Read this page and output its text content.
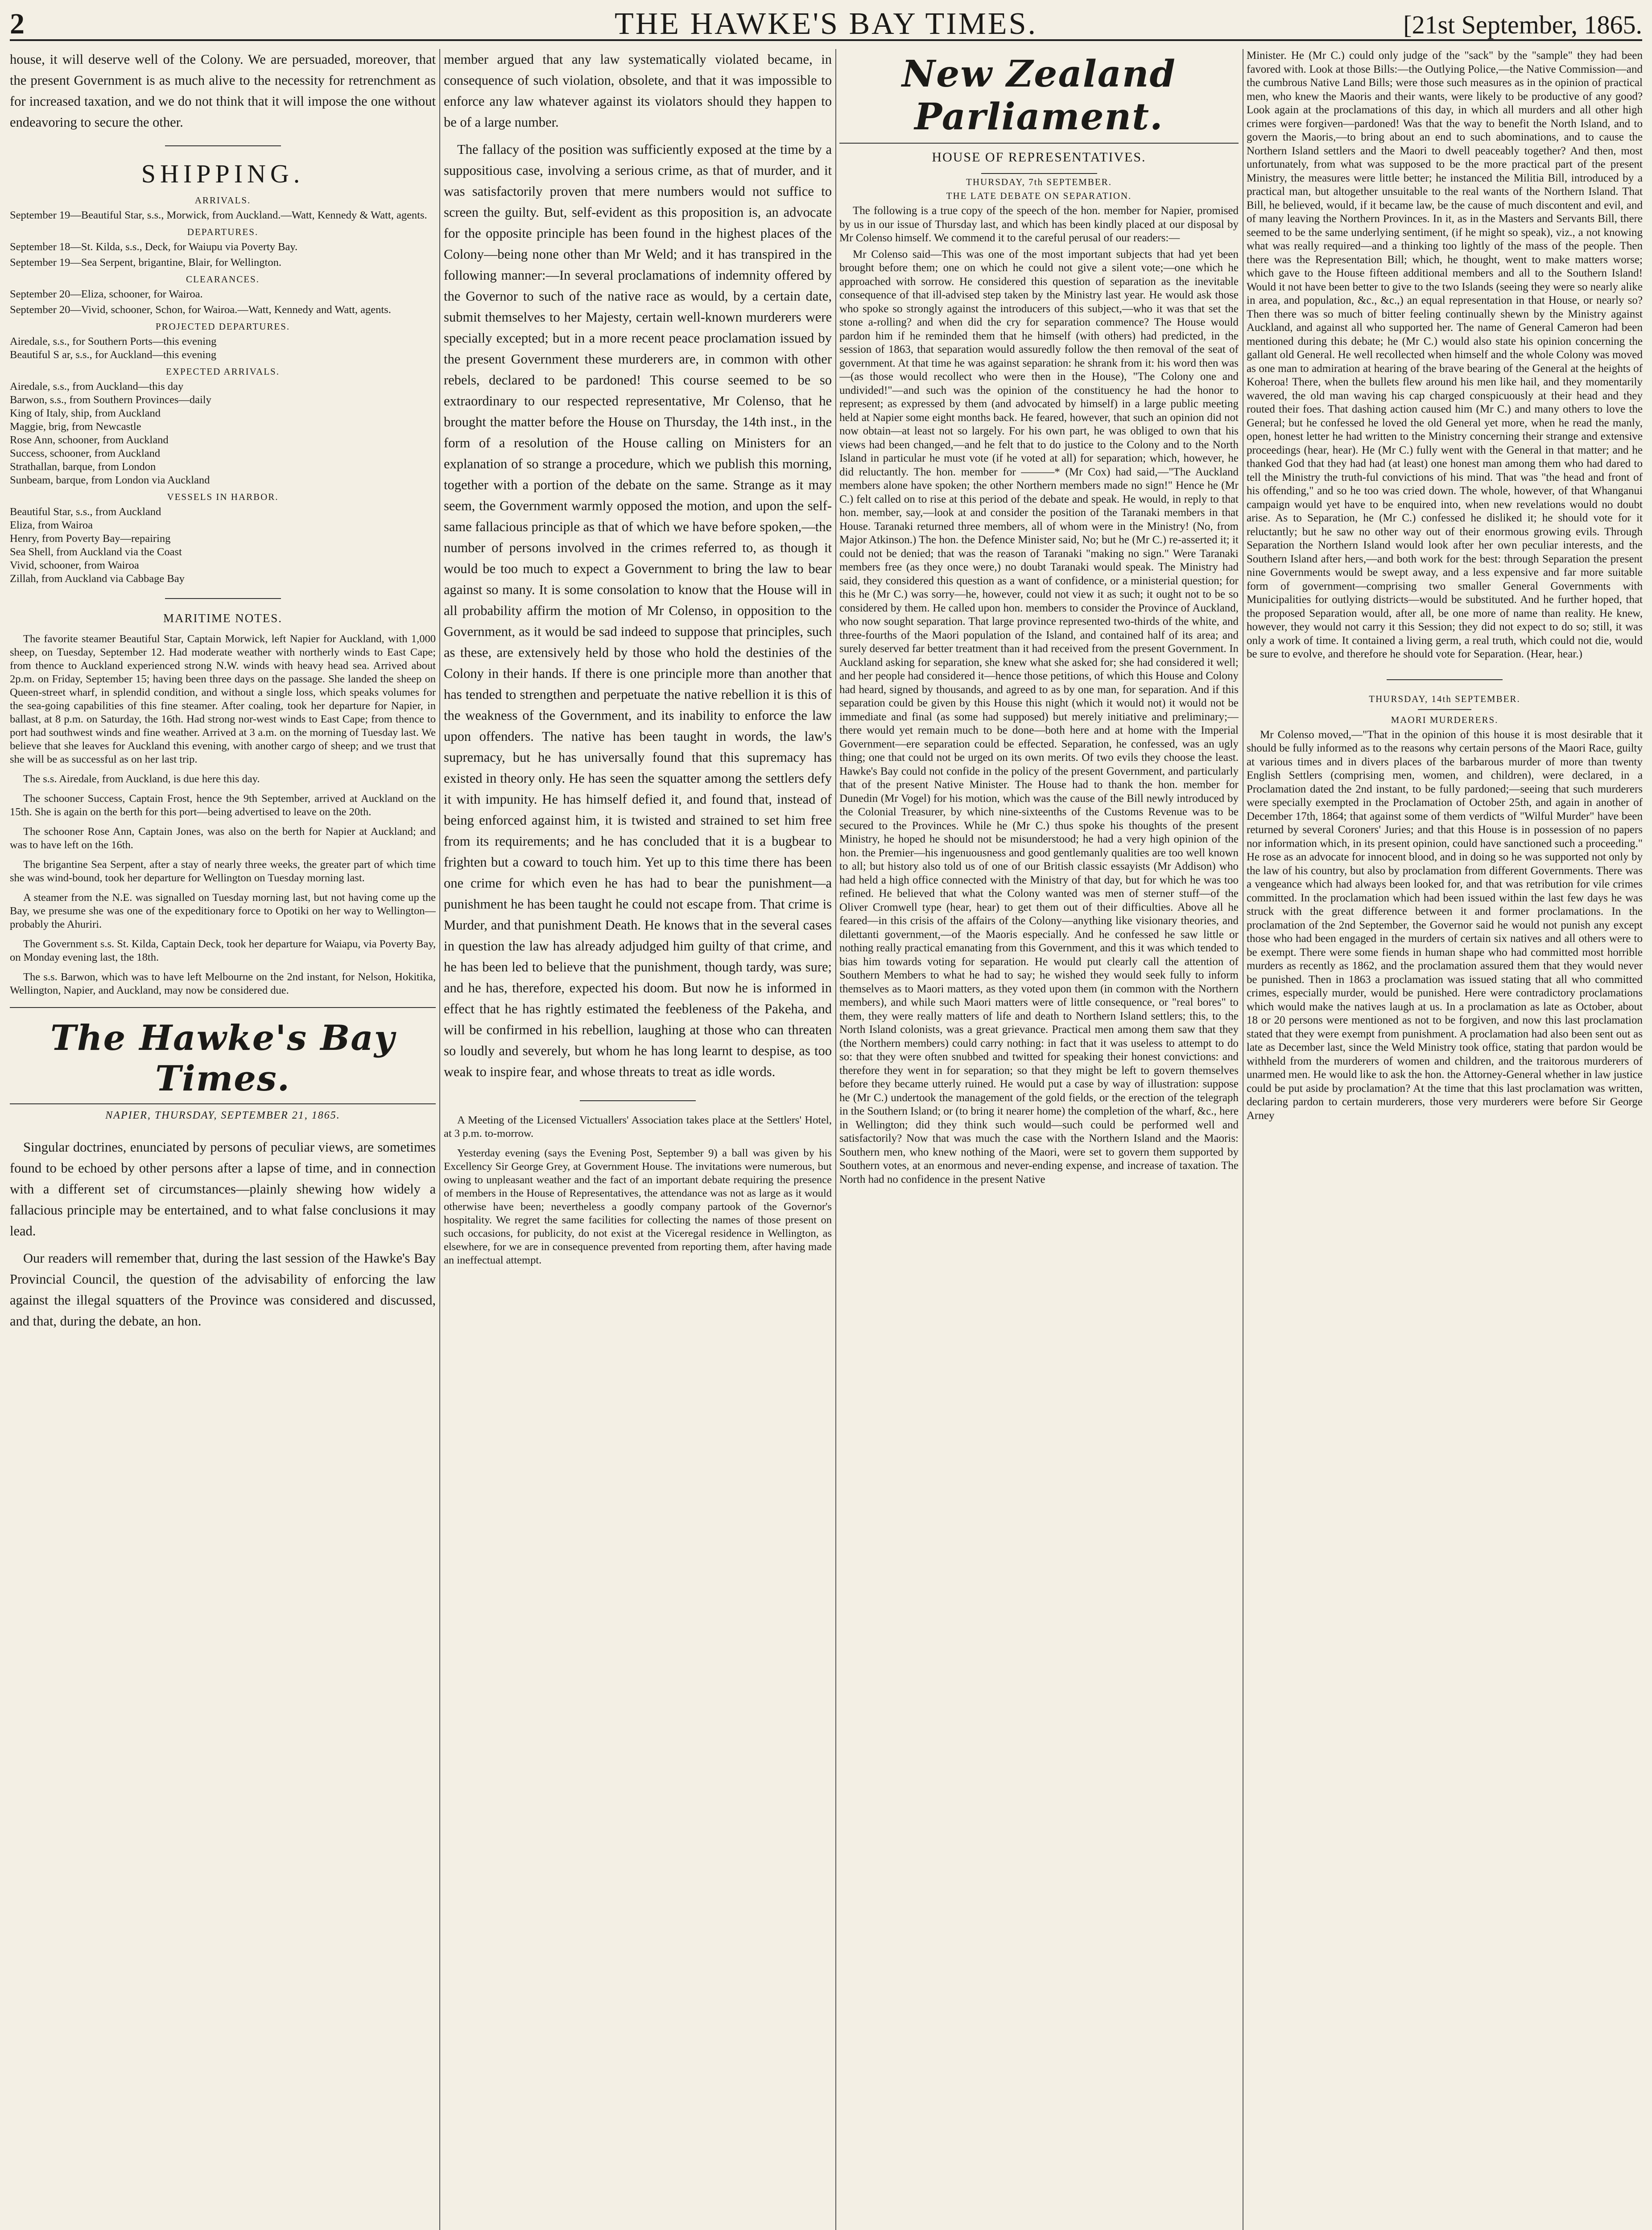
2	THE HAWKE'S BAY TIMES.	[21st September, 1865.

house, it will deserve well of the Colony. We are persuaded, moreover, that the present Government is as much alive to the necessity for retrenchment as for increased taxation, and we do not think that it will impose the one without endeavoring to secure the other.

SHIPPING.
ARRIVALS.
September 19—Beautiful Star, s.s., Morwick, from Auckland.—Watt, Kennedy & Watt, agents.
DEPARTURES.
September 18—St. Kilda, s.s., Deck, for Waiupu via Poverty Bay.
September 19—Sea Serpent, brigantine, Blair, for Wellington.
CLEARANCES.
September 20—Eliza, schooner, for Wairoa.
September 20—Vivid, schooner, Schon, for Wairoa.—Watt, Kennedy and Watt, agents.
PROJECTED DEPARTURES.
Airedale, s.s., for Southern Ports—this evening
Beautiful S ar, s.s., for Auckland—this evening
EXPECTED ARRIVALS.
Airedale, s.s., from Auckland—this day
Barwon, s.s., from Southern Provinces—daily
King of Italy, ship, from Auckland
Maggie, brig, from Newcastle
Rose Ann, schooner, from Auckland
Success, schooner, from Auckland
Strathallan, barque, from London
Sunbeam, barque, from London via Auckland
VESSELS IN HARBOR.
Beautiful Star, s.s., from Auckland
Eliza, from Wairoa
Henry, from Poverty Bay—repairing
Sea Shell, from Auckland via the Coast
Vivid, schooner, from Wairoa
Zillah, from Auckland via Cabbage Bay
MARITIME NOTES.

The favorite steamer Beautiful Star, Captain Morwick, left Napier for Auckland, with 1,000 sheep, on Tuesday, September 12. Had moderate weather with northerly winds to East Cape; from thence to Auckland experienced strong N.W. winds with heavy head sea. Arrived about 2p.m. on Friday, September 15; having been three days on the passage. She landed the sheep on Queen-street wharf, in splendid condition, and without a single loss, which speaks volumes for the sea-going capabilities of this fine steamer. After coaling, took her departure for Napier, in ballast, at 8 p.m. on Saturday, the 16th. Had strong nor-west winds to East Cape; from thence to port had southwest winds and fine weather. Arrived at 3 a.m. on the morning of Tuesday last. We believe that she leaves for Auckland this evening, with another cargo of sheep; and we trust that she will be as successful as on her last trip.

The s.s. Airedale, from Auckland, is due here this day.

The schooner Success, Captain Frost, hence the 9th September, arrived at Auckland on the 15th. She is again on the berth for this port—being advertised to leave on the 20th.

The schooner Rose Ann, Captain Jones, was also on the berth for Napier at Auckland; and was to have left on the 16th.

The brigantine Sea Serpent, after a stay of nearly three weeks, the greater part of which time she was wind-bound, took her departure for Wellington on Tuesday morning last.

A steamer from the N.E. was signalled on Tuesday morning last, but not having come up the Bay, we presume she was one of the expeditionary force to Opotiki on her way to Wellington—probably the Ahuriri.

The Government s.s. St. Kilda, Captain Deck, took her departure for Waiapu, via Poverty Bay, on Monday evening last, the 18th.

The s.s. Barwon, which was to have left Melbourne on the 2nd instant, for Nelson, Hokitika, Wellington, Napier, and Auckland, may now be considered due.

The Hawke's Bay Times.
NAPIER, THURSDAY, SEPTEMBER 21, 1865.

Singular doctrines, enunciated by persons of peculiar views, are sometimes found to be echoed by other persons after a lapse of time, and in connection with a different set of circumstances—plainly shewing how widely a fallacious principle may be entertained, and to what false conclusions it may lead.

Our readers will remember that, during the last session of the Hawke's Bay Provincial Council, the question of the advisability of enforcing the law against the illegal squatters of the Province was considered and discussed, and that, during the debate, an hon.

member argued that any law systematically violated became, in consequence of such violation, obsolete, and that it was impossible to enforce any law whatever against its violators should they happen to be of a large number.

The fallacy of the position was sufficiently exposed at the time by a suppositious case, involving a serious crime, as that of murder, and it was satisfactorily proven that mere numbers would not suffice to screen the guilty. But, self-evident as this proposition is, an advocate for the opposite principle has been found in the highest places of the Colony—being none other than Mr Weld; and it has transpired in the following manner:—In several proclamations of indemnity offered by the Governor to such of the native race as would, by a certain date, submit themselves to her Majesty, certain well-known murderers were specially excepted; but in a more recent peace proclamation issued by the present Government these murderers are, in common with other rebels, declared to be pardoned! This course seemed to be so extraordinary to our respected representative, Mr Colenso, that he brought the matter before the House on Thursday, the 14th inst., in the form of a resolution of the House calling on Ministers for an explanation of so strange a procedure, which we publish this morning, together with a portion of the debate on the same. Strange as it may seem, the Government warmly opposed the motion, and upon the self-same fallacious principle as that of which we have before spoken,—the number of persons involved in the crimes referred to, as though it would be too much to expect a Government to bring the law to bear against so many. It is some consolation to know that the House will in all probability affirm the motion of Mr Colenso, in opposition to the Government, as it would be sad indeed to suppose that principles, such as these, are extensively held by those who hold the destinies of the Colony in their hands. If there is one principle more than another that has tended to strengthen and perpetuate the native rebellion it is this of the weakness of the Government, and its inability to enforce the law upon offenders. The native has been taught in words, the law's supremacy, but he has universally found that this supremacy has existed in theory only. He has seen the squatter among the settlers defy it with impunity. He has himself defied it, and found that, instead of being enforced against him, it is twisted and strained to set him free from its requirements; and he has concluded that it is a bugbear to frighten but a coward to touch him. Yet up to this time there has been one crime for which even he has had to bear the punishment—a punishment he has been taught he could not escape from. That crime is Murder, and that punishment Death. He knows that in the several cases in question the law has already adjudged him guilty of that crime, and he has been led to believe that the punishment, though tardy, was sure; and he has, therefore, expected his doom. But now he is informed in effect that he has rightly estimated the feebleness of the Pakeha, and will be confirmed in his rebellion, laughing at those who can threaten so loudly and severely, but whom he has long learnt to despise, as too weak to inspire fear, and whose threats to treat as idle words.

A Meeting of the Licensed Victuallers' Association takes place at the Settlers' Hotel, at 3 p.m. to-morrow.

Yesterday evening (says the Evening Post, September 9) a ball was given by his Excellency Sir George Grey, at Government House. The invitations were numerous, but owing to unpleasant weather and the fact of an important debate requiring the presence of members in the House of Representatives, the attendance was not as large as it would otherwise have been; nevertheless a goodly company partook of the Governor's hospitality. We regret the same facilities for collecting the names of those present on such occasions, for publicity, do not exist at the Viceregal residence in Wellington, as elsewhere, for we are in consequence prevented from reporting them, after having made an ineffectual attempt.

New Zealand Parliament.
HOUSE OF REPRESENTATIVES.
THURSDAY, 7th SEPTEMBER.
THE LATE DEBATE ON SEPARATION.

The following is a true copy of the speech of the hon. member for Napier, promised by us in our issue of Thursday last, and which has been kindly placed at our disposal by Mr Colenso himself. We commend it to the careful perusal of our readers:—

Mr Colenso said—This was one of the most important subjects that had yet been brought before them; one on which he could not give a silent vote;—one which he approached with sorrow. He considered this question of separation as the inevitable consequence of that ill-advised step taken by the Ministry last year. He would ask those who spoke so strongly against the introducers of this subject,—who it was that set the stone a-rolling? and when did the cry for separation commence? The House would pardon him if he reminded them that he himself (with others) had predicted, in the session of 1863, that separation would assuredly follow the then removal of the seat of government. At that time he was against separation: he shrank from it: his word then was—(as those would recollect who were then in the House), "The Colony one and undivided!"—and such was the opinion of the constituency he had the honor to represent; as expressed by them (and advocated by himself) in a large public meeting held at Napier some eight months back. He feared, however, that such an opinion did not now obtain—at least not so largely. For his own part, he was obliged to own that his views had been changed,—and he felt that to do justice to the Colony and to the North Island in particular he must vote (if he voted at all) for separation; which, however, he did reluctantly. The hon. member for ———* (Mr Cox) had said,—"The Auckland members alone have spoken; the other Northern members made no sign!" Hence he (Mr C.) felt called on to rise at this period of the debate and speak. He would, in reply to that hon. member, say,—look at and consider the position of the Taranaki members in that House. Taranaki returned three members, all of whom were in the Ministry! (No, from Major Atkinson.) The hon. the Defence Minister said, No; but he (Mr C.) re-asserted it; it could not be denied; that was the reason of Taranaki "making no sign." Were Taranaki members free (as they once were,) no doubt Taranaki would speak. The Ministry had said, they considered this question as a want of confidence, or a ministerial question; for this he (Mr C.) was sorry—he, however, could not view it as such; it ought not to be so considered by them. He called upon hon. members to consider the Province of Auckland, who now sought separation. That large province represented two-thirds of the white, and three-fourths of the Maori population of the Island, and contained half of its area; and surely deserved far better treatment than it had received from the present Government. In Auckland asking for separation, she knew what she asked for; she had considered it well; and her people had considered it—hence those petitions, of which this House and Colony had heard, signed by thousands, and agreed to as by one man, for separation. And if this separation could be given by this House this night (which it would not) it would not be immediate and final (as some had supposed) but merely initiative and preliminary;—there would yet remain much to be done—both here and at home with the Imperial Government—ere separation could be effected. Separation, he confessed, was an ugly thing; one that could not be urged on its own merits. Of two evils they choose the least. Hawke's Bay could not confide in the policy of the present Government, and particularly that of the present Native Minister. The House had to thank the hon. member for Dunedin (Mr Vogel) for his motion, which was the cause of the Bill newly introduced by the Colonial Treasurer, by which nine-sixteenths of the Customs Revenue was to be secured to the Provinces. While he (Mr C.) thus spoke his thoughts of the present Ministry, he hoped he should not be misunderstood; he had a very high opinion of the hon. the Premier—his ingenuousness and good gentlemanly qualities are too well known to all; but history also told us of one of our British classic essayists (Mr Addison) who had held a high office connected with the Ministry of that day, but for which he was too refined. He believed that what the Colony wanted was men of sterner stuff—of the Oliver Cromwell type (hear, hear) to get them out of their difficulties. Above all he feared—in this crisis of the affairs of the Colony—anything like visionary theories, and dilettanti government,—of the Maoris especially. And he confessed he saw little or nothing really practical emanating from this Government, and this it was which tended to bias him towards voting for separation. He would put clearly call the attention of Southern Members to what he had to say; he wished they would seek fully to inform themselves as to Maori matters, as they voted upon them (in common with the Northern members), and while such Maori matters were of little consequence, or "real bores" to them, they were really matters of life and death to Northern Island settlers; this, to the North Island colonists, was a great grievance. Practical men among them saw that they (the Northern members) could carry nothing: in fact that it was useless to attempt to do so: that they were often snubbed and twitted for speaking their honest convictions: and therefore they went in for separation; so that they might be left to govern themselves before they became utterly ruined. He would put a case by way of illustration: suppose he (Mr C.) undertook the management of the gold fields, or the erection of the telegraph in the Southern Island; or (to bring it nearer home) the completion of the wharf, &c., here in Wellington; did they think such would—such could be performed well and satisfactorily? Now that was much the case with the Northern Island and the Maoris: Southern men, who knew nothing of the Maori, were set to govern them supported by Southern votes, at an enormous and never-ending expense, and increase of taxation. The North had no confidence in the present Native

Minister. He (Mr C.) could only judge of the "sack" by the "sample" they had been favored with. Look at those Bills:—the Outlying Police,—the Native Commission—and the cumbrous Native Land Bills; were those such measures as in the opinion of practical men, who knew the Maoris and their wants, were likely to be productive of any good? Look again at the proclamations of this day, in which all murders and all other high crimes were forgiven—pardoned! Was that the way to benefit the North Island, and to govern the Maoris,—to bring about an end to such abominations, and to cause the Northern Island settlers and the Maori to dwell peaceably together? And then, most unfortunately, from what was supposed to be the more practical part of the present Ministry, the measures were little better; he instanced the Militia Bill, introduced by a practical man, but altogether unsuitable to the real wants of the Northern Island. That Bill, he believed, would, if it became law, be the cause of much discontent and evil, and of many leaving the Northern Provinces. In it, as in the Masters and Servants Bill, there seemed to be the same underlying sentiment, (if he might so speak), viz., a not knowing what was really required—and a thinking too lightly of the mass of the people. Then there was the Representation Bill; which, he thought, went to make matters worse; which gave to the House fifteen additional members and all to the Southern Island! Would it not have been better to give to the two Islands (seeing they were so nearly alike in area, and population, &c., &c.,) an equal representation in that House, or nearly so? Then there was so much of bitter feeling continually shewn by the Ministry against Auckland, and against all who supported her. The name of General Cameron had been mentioned during this debate; he (Mr C.) would also state his opinion concerning the gallant old General. He well recollected when himself and the whole Colony was moved as one man to admiration at hearing of the brave bearing of the General at the heights of Koheroa! There, when the bullets flew around his men like hail, and they momentarily wavered, the old man waving his cap charged conspicuously at their head and they routed their foes. That dashing action caused him (Mr C.) and many others to love the General; but he confessed he loved the old General yet more, when he read the manly, open, honest letter he had written to the Ministry concerning their strange and extensive proceedings (hear, hear). He (Mr C.) fully went with the General in that matter; and he thanked God that they had had (at least) one honest man among them who had dared to tell the Ministry the truth-ful convictions of his mind. That was "the head and front of his offending," and so he too was cried down. The whole, however, of that Whanganui campaign would yet have to be enquired into, when new revelations would no doubt arise. As to Separation, he (Mr C.) confessed he disliked it; he should vote for it reluctantly; but he saw no other way out of their enormous growing evils. Through Separation the Northern Island would look after her own peculiar interests, and the Southern Island after hers,—and both work for the best: through Separation the present nine Governments would be swept away, and a less expensive and far more suitable form of government—comprising two smaller General Governments with Municipalities for outlying districts—would be substituted. And he further hoped, that the proposed Separation would, after all, be one more of name than reality. He knew, however, they would not carry it this Session; they did not expect to do so; still, it was only a work of time. It contained a living germ, a real truth, which could not die, would be sure to evolve, and therefore he should vote for Separation. (Hear, hear.)

THURSDAY, 14th SEPTEMBER.
MAORI MURDERERS.

Mr Colenso moved,—"That in the opinion of this house it is most desirable that it should be fully informed as to the reasons why certain persons of the Maori Race, guilty at various times and in divers places of the barbarous murder of more than twenty English Settlers (comprising men, women, and children), were declared, in a Proclamation dated the 2nd instant, to be fully pardoned;—seeing that such murderers were specially exempted in the Proclamation of October 25th, and again in another of December 17th, 1864; that against some of them verdicts of "Wilful Murder" have been returned by several Coroners' Juries; and that this House is in possession of no papers nor information which, in its present opinion, could have sanctioned such a proceeding." He rose as an advocate for innocent blood, and in doing so he was supported not only by the law of his country, but also by proclamation from different Governments. There was a vengeance which had always been looked for, and that was retribution for vile crimes committed. In the proclamation which had been issued within the last few days he was struck with the great difference between it and former proclamations. In the proclamation of the 2nd September, the Governor said he would not punish any except those who had been engaged in the murders of certain six natives and all others were to be exempt. There were some fiends in human shape who had committed most horrible murders as recently as 1862, and the proclamation assured them that they would never be punished. Then in 1863 a proclamation was issued stating that all who committed crimes, especially murder, would be punished. Here were contradictory proclamations which would make the natives laugh at us. In a proclamation as late as October, about 18 or 20 persons were mentioned as not to be forgiven, and now this last proclamation stated that they were exempt from punishment. A proclamation had also been sent out as late as December last, since the Weld Ministry took office, stating that pardon would be withheld from the murderers of women and children, and the traitorous murderers of unarmed men. He would like to ask the hon. the Attorney-General whether in law justice could be put aside by proclamation? At the time that this last proclamation was written, declaring pardon to certain murderers, those very murderers were before Sir George Arney
